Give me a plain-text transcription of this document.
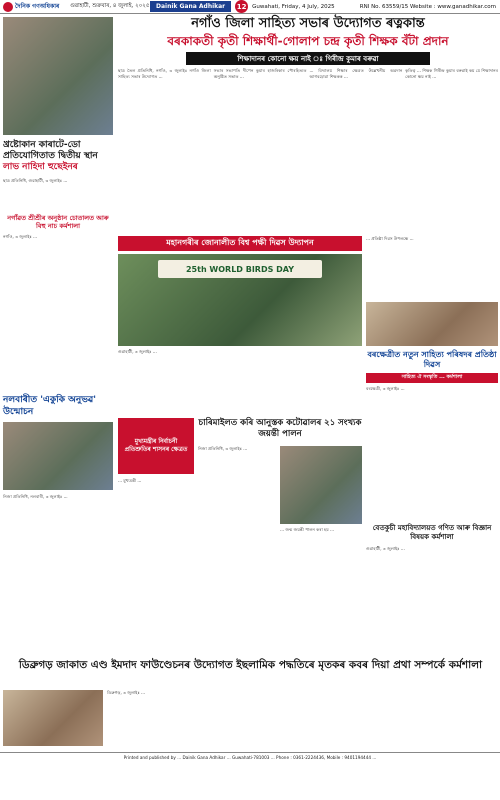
দৈনিক গণঅধিকাৰ গুৱাহাটী, শুক্ৰবাৰ, ৪ জুলাই, ২০২৫	Dainik Gana Adhikar	12 Guwahati, Friday, 4 July, 2025	RNI No. 63559/15 Website : www.ganadhikar.com
খ্ৰষ্টোকান কাৰাটে-ডো
প্ৰতিযোগিতাত দ্বিতীয় স্থান
লাভ নাহিদা হুছেইনৰ
ছাত্ৰ প্ৰতিনিধি, গুৱাহাটী, ৩ জুলাইঃ ...
নগাঁৱত শ্ৰীশ্ৰীৰ অনুষ্ঠান চোতালত আৰু বিহু নাচ কৰ্মশালা
নগাঁও, ৩ জুলাইঃ ...
নগাঁও জিলা সাহিত্য সভাৰ উদ্যোগত ৰত্নকান্ত
বৰকাকতী কৃতী শিক্ষাৰ্থী-গোলাপ চন্দ্ৰ কৃতী শিক্ষক বঁটা প্ৰদান
শিক্ষাদানৰ কোনো ক্ষয় নাই ঃ গিৰীন্দ্ৰ কুমাৰ বৰুৱা
ছাত্ৰ তৈল প্ৰতিনিধি, নগাঁও, ৩ জুলাইঃ নগাঁও জিলা সাহিত্য সভাৰ উদ্যোগত ...
সভাৰ সভাপতি দীপেন কুমাৰ হাজৰিকাৰ পৌৰহিত্যত অনুষ্ঠিত সভাত ...
... বিদ্যালয় শিক্ষাৰ ক্ষেত্ৰত উল্লেখনীয় অৱদান আগবঢ়োৱা শিক্ষকক ...
কৃতিত্ব ... শিক্ষক গিৰীন্দ্ৰ কুমাৰ বৰুৱাই কয় যে শিক্ষাদানৰ কোনো ক্ষয় নাই ...
মহানগৰীৰ জোনালীত বিশ্ব পক্ষী দিৱস উদ্যাপন
25th WORLD BIRDS DAY
গুৱাহাটী, ৩ জুলাইঃ ...
... প্ৰতিষ্ঠা দিৱস উপলক্ষে ...
বৰক্ষেত্ৰীত নতুন সাহিত্য পৰিষদৰ প্ৰতিষ্ঠা দিৱস
সাহিত্য ঐ সংস্কৃতি ... কৰ্মশালা
বৰক্ষেত্ৰী, ৩ জুলাইঃ ...
বেতকুচী মহাবিদ্যালয়ত গণিত আৰু বিজ্ঞান বিষয়ক কৰ্মশালা
গুৱাহাটী, ৩ জুলাইঃ ...
নলবাৰীত 'একুকি অনুভৱ' উন্মোচন
নিজা প্ৰতিনিধি, নলবাৰী, ৩ জুলাইঃ ...
মুখ্যমন্ত্ৰীৰ নিৰ্বাচনী প্ৰতিশ্ৰুতিৰ শাসনৰ ক্ষেত্ৰত
... মুখ্যমন্ত্ৰী ...
চাৰিমাইলত কৰি আনুস্তক কটোৱালৰ ২১ সংখ্যক জয়ন্তী পালন
নিজা প্ৰতিনিধি, ৩ জুলাইঃ ...
... জন্ম জয়ন্তী পালন কৰা হয় ...
ডিব্ৰুগড় জাকাত এণ্ড ইমদাদ ফাউণ্ডেচনৰ উদ্যোগত ইছলামিক পদ্ধতিৰে মৃতকৰ কবৰ দিয়া প্ৰথা সম্পৰ্কে কৰ্মশালা
ডিব্ৰুগড়, ৩ জুলাইঃ ...
Printed and published by ... Dainik Gana Adhikar ... Guwahati-781003 ... Phone : 0361-2224436, Mobile : 9401194444 ...
